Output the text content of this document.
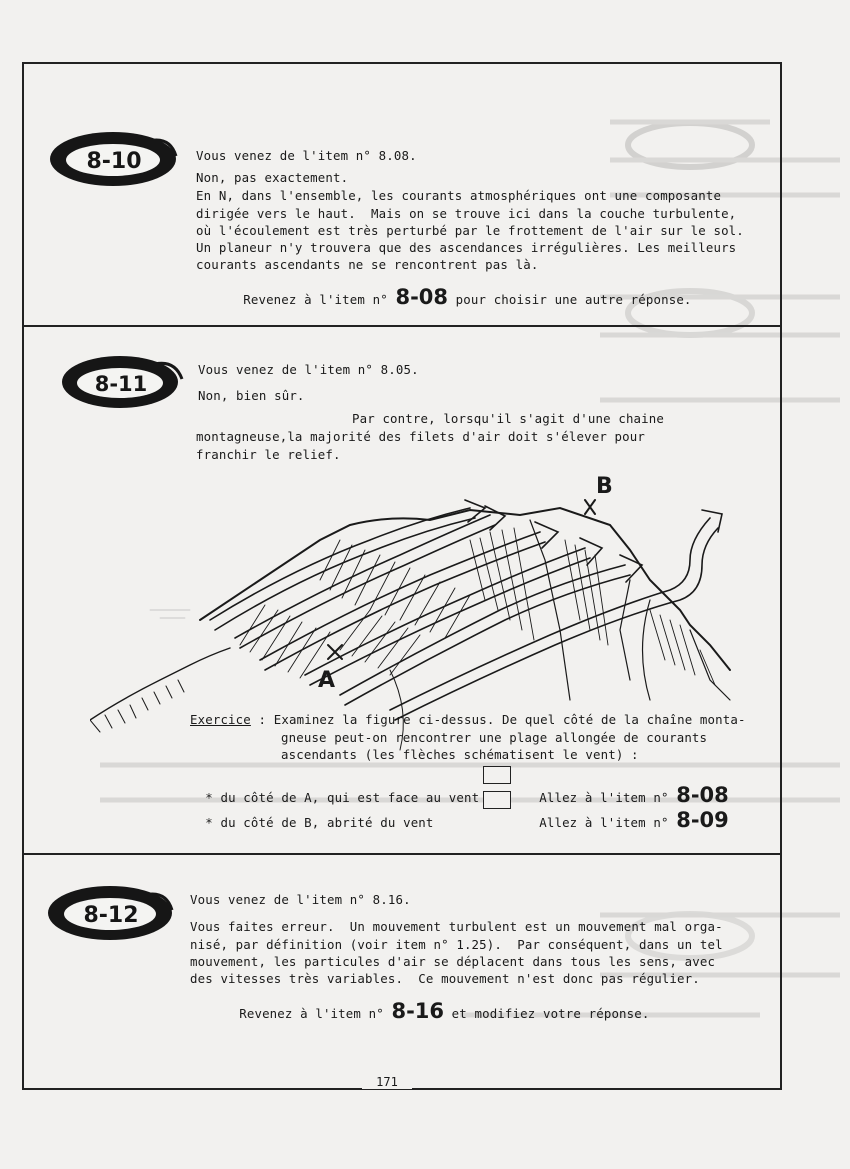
171
8-10	Vous venez de l'item n° 8.08.
Non, pas exactement.
En N, dans l'ensemble, les courants atmosphériques ont une composante
dirigée vers le haut.  Mais on se trouve ici dans la couche turbulente,
où l'écoulement est très perturbé par le frottement de l'air sur le sol.
Un planeur n'y trouvera que des ascendances irrégulières. Les meilleurs
courants ascendants ne se rencontrent pas là.

Revenez à l'item n° 8-08 pour choisir une autre réponse.

8-11
Vous venez de l'item n° 8.05.
Non, bien sûr.
Par contre, lorsqu'il s'agit d'une chaine
montagneuse,la majorité des filets d'air doit s'élever pour
franchir le relief.
A
B
Exercice : Examinez la figure ci-dessus. De quel côté de la chaîne monta-
gneuse peut-on rencontrer une plage allongée de courants
ascendants (les flèches schématisent le vent) :

* du côté de A, qui est face au vent	Allez à l'item n° 8-08

* du côté de B, abrité du vent	Allez à l'item n° 8-09

8-12
Vous venez de l'item n° 8.16.
Vous faites erreur.  Un mouvement turbulent est un mouvement mal orga-
nisé, par définition (voir item n° 1.25).  Par conséquent, dans un tel
mouvement, les particules d'air se déplacent dans tous les sens, avec
des vitesses très variables.  Ce mouvement n'est donc pas régulier.

Revenez à l'item n° 8-16 et modifiez votre réponse.
